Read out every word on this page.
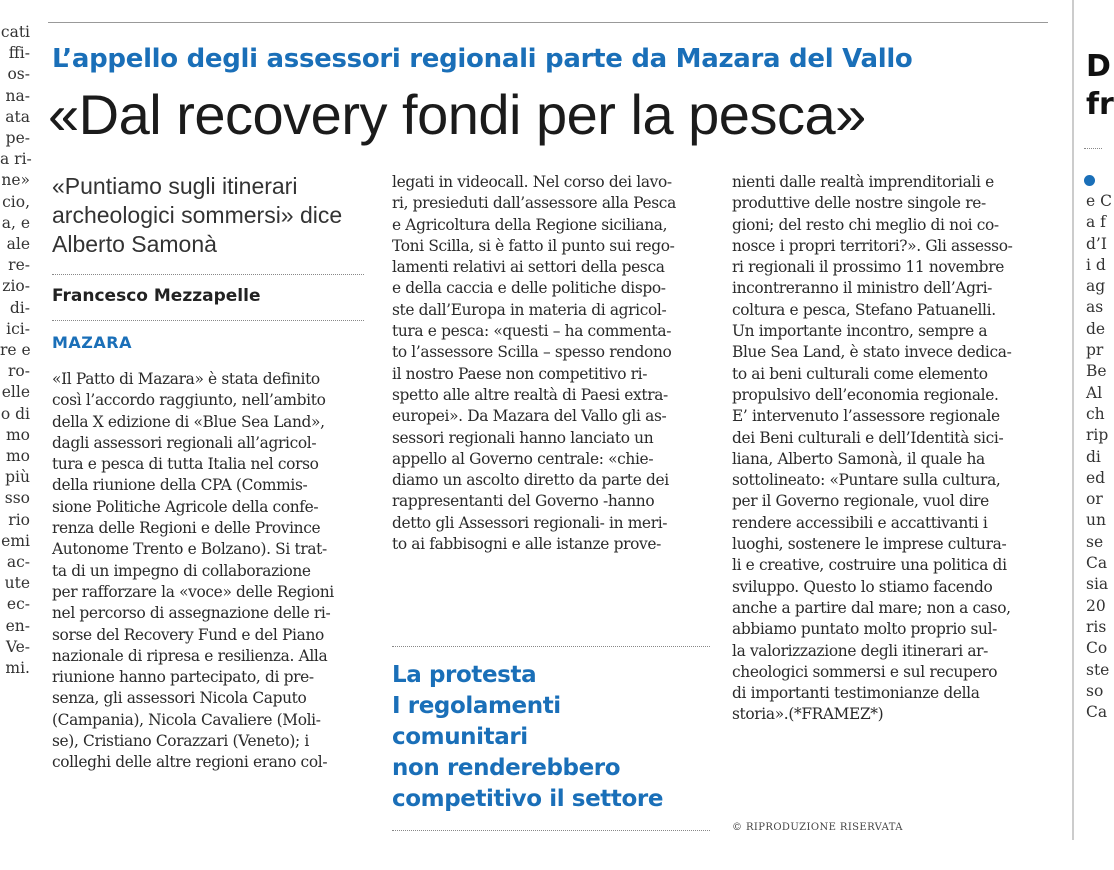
cati
ffi-
os-
na-
ata
pe-
a ri-
ne»
cio,
a, e
ale
re-
zio-
di-
ici-
re e
ro-
elle
o di
mo
mo
più
sso
rio
emi
ac-
ute
ec-
en-
Ve-
mi.
L’appello degli assessori regionali parte da Mazara del Vallo
«Dal recovery fondi per la pesca»
«Puntiamo sugli itinerari archeologici sommersi» dice Alberto Samonà
Francesco Mezzapelle
MAZARA
«Il Patto di Mazara» è stata definito
così l’accordo raggiunto, nell’ambito
della X edizione di «Blue Sea Land»,
dagli assessori regionali all’agricol-
tura e pesca di tutta Italia nel corso
della riunione della CPA (Commis-
sione Politiche Agricole della confe-
renza delle Regioni e delle Province
Autonome Trento e Bolzano). Si trat-
ta di un impegno di collaborazione
per rafforzare la «voce» delle Regioni
nel percorso di assegnazione delle ri-
sorse del Recovery Fund e del Piano
nazionale di ripresa e resilienza. Alla
riunione hanno partecipato, di pre-
senza, gli assessori Nicola Caputo
(Campania), Nicola Cavaliere (Moli-
se), Cristiano Corazzari (Veneto); i
colleghi delle altre regioni erano col-
legati in videocall. Nel corso dei lavo-
ri, presieduti dall’assessore alla Pesca
e Agricoltura della Regione siciliana,
Toni Scilla, si è fatto il punto sui rego-
lamenti relativi ai settori della pesca
e della caccia e delle politiche dispo-
ste dall’Europa in materia di agricol-
tura e pesca: «questi – ha commenta-
to l’assessore Scilla – spesso rendono
il nostro Paese non competitivo ri-
spetto alle altre realtà di Paesi extra-
europei». Da Mazara del Vallo gli as-
sessori regionali hanno lanciato un
appello al Governo centrale: «chie-
diamo un ascolto diretto da parte dei
rappresentanti del Governo -hanno
detto gli Assessori regionali- in meri-
to ai fabbisogni e alle istanze prove-
La protesta
I regolamenti
comunitari
non renderebbero
competitivo il settore
nienti dalle realtà imprenditoriali e
produttive delle nostre singole re-
gioni; del resto chi meglio di noi co-
nosce i propri territori?». Gli assesso-
ri regionali il prossimo 11 novembre
incontreranno il ministro dell’Agri-
coltura e pesca, Stefano Patuanelli.
Un importante incontro, sempre a
Blue Sea Land, è stato invece dedica-
to ai beni culturali come elemento
propulsivo dell’economia regionale.
E’ intervenuto l’assessore regionale
dei Beni culturali e dell’Identità sici-
liana, Alberto Samonà, il quale ha
sottolineato: «Puntare sulla cultura,
per il Governo regionale, vuol dire
rendere accessibili e accattivanti i
luoghi, sostenere le imprese cultura-
li e creative, costruire una politica di
sviluppo. Questo lo stiamo facendo
anche a partire dal mare; non a caso,
abbiamo puntato molto proprio sul-
la valorizzazione degli itinerari ar-
cheologici sommersi e sul recupero
di importanti testimonianze della
storia».(*FRAMEZ*)
© RIPRODUZIONE RISERVATA
D
fr
e C
a f
d’I
i d
ag
as
de
pr
Be
Al
ch
rip
di
ed
or
un
se
Ca
sia
20
ris
Co
ste
so
Ca
